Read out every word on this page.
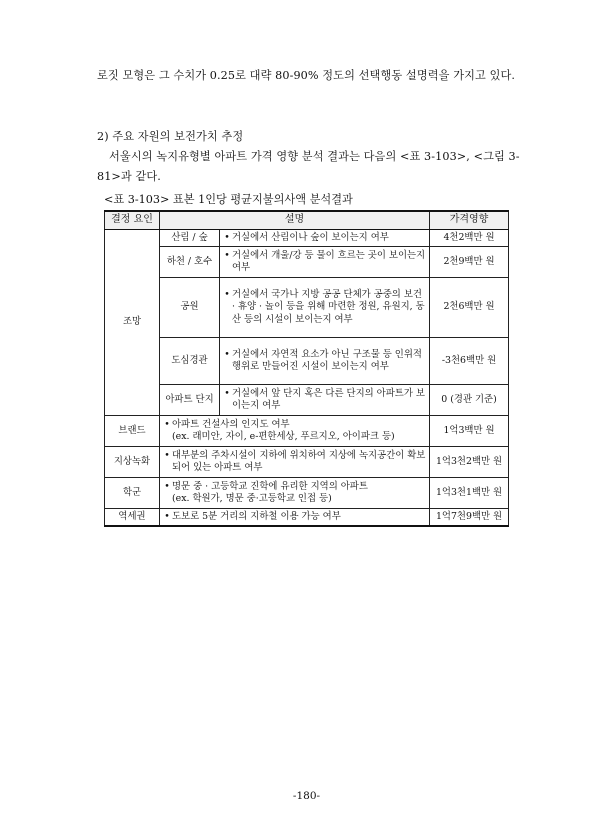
로짓 모형은 그 수치가 0.25로 대략 80-90% 정도의 선택행동 설명력을 가지고 있다.

2) 주요 자원의 보전가치 추정

서울시의 녹지유형별 아파트 가격 영향 분석 결과는 다음의 <표 3-103>, <그림 3-81>과 같다.

<표 3-103> 표본 1인당 평균지불의사액 분석결과
결정 요인	설명		가격영향
조망	산림 / 숲	• 거실에서 산림이나 숲이 보이는지 여부	4천2백만 원
	하천 / 호수	• 거실에서 개울/강 등 물이 흐르는 곳이 보이는지 여부	2천9백만 원
	공원	• 거실에서 국가나 지방 공공 단체가 공중의 보건 · 휴양 · 놀이 등을 위해 마련한 정원, 유원지, 동산 등의 시설이 보이는지 여부	2천6백만 원
	도심경관	• 거실에서 자연적 요소가 아닌 구조물 등 인위적 행위로 만들어진 시설이 보이는지 여부	-3천6백만 원
	아파트 단지	• 거실에서 앞 단지 혹은 다른 단지의 아파트가 보이는지 여부	0 (경관 기준)
브랜드	• 아파트 건설사의 인지도 여부
(ex. 래미안, 자이, e-편한세상, 푸르지오, 아이파크 등)		1억3백만 원
지상녹화	• 대부분의 주차시설이 지하에 위치하여 지상에 녹지공간이 확보되어 있는 아파트 여부		1억3천2백만 원
학군	• 명문 중 · 고등학교 진학에 유리한 지역의 아파트
(ex. 학원가, 명문 중·고등학교 인접 등)		1억3천1백만 원
역세권	• 도보로 5분 거리의 지하철 이용 가능 여부		1억7천9백만 원
-180-
